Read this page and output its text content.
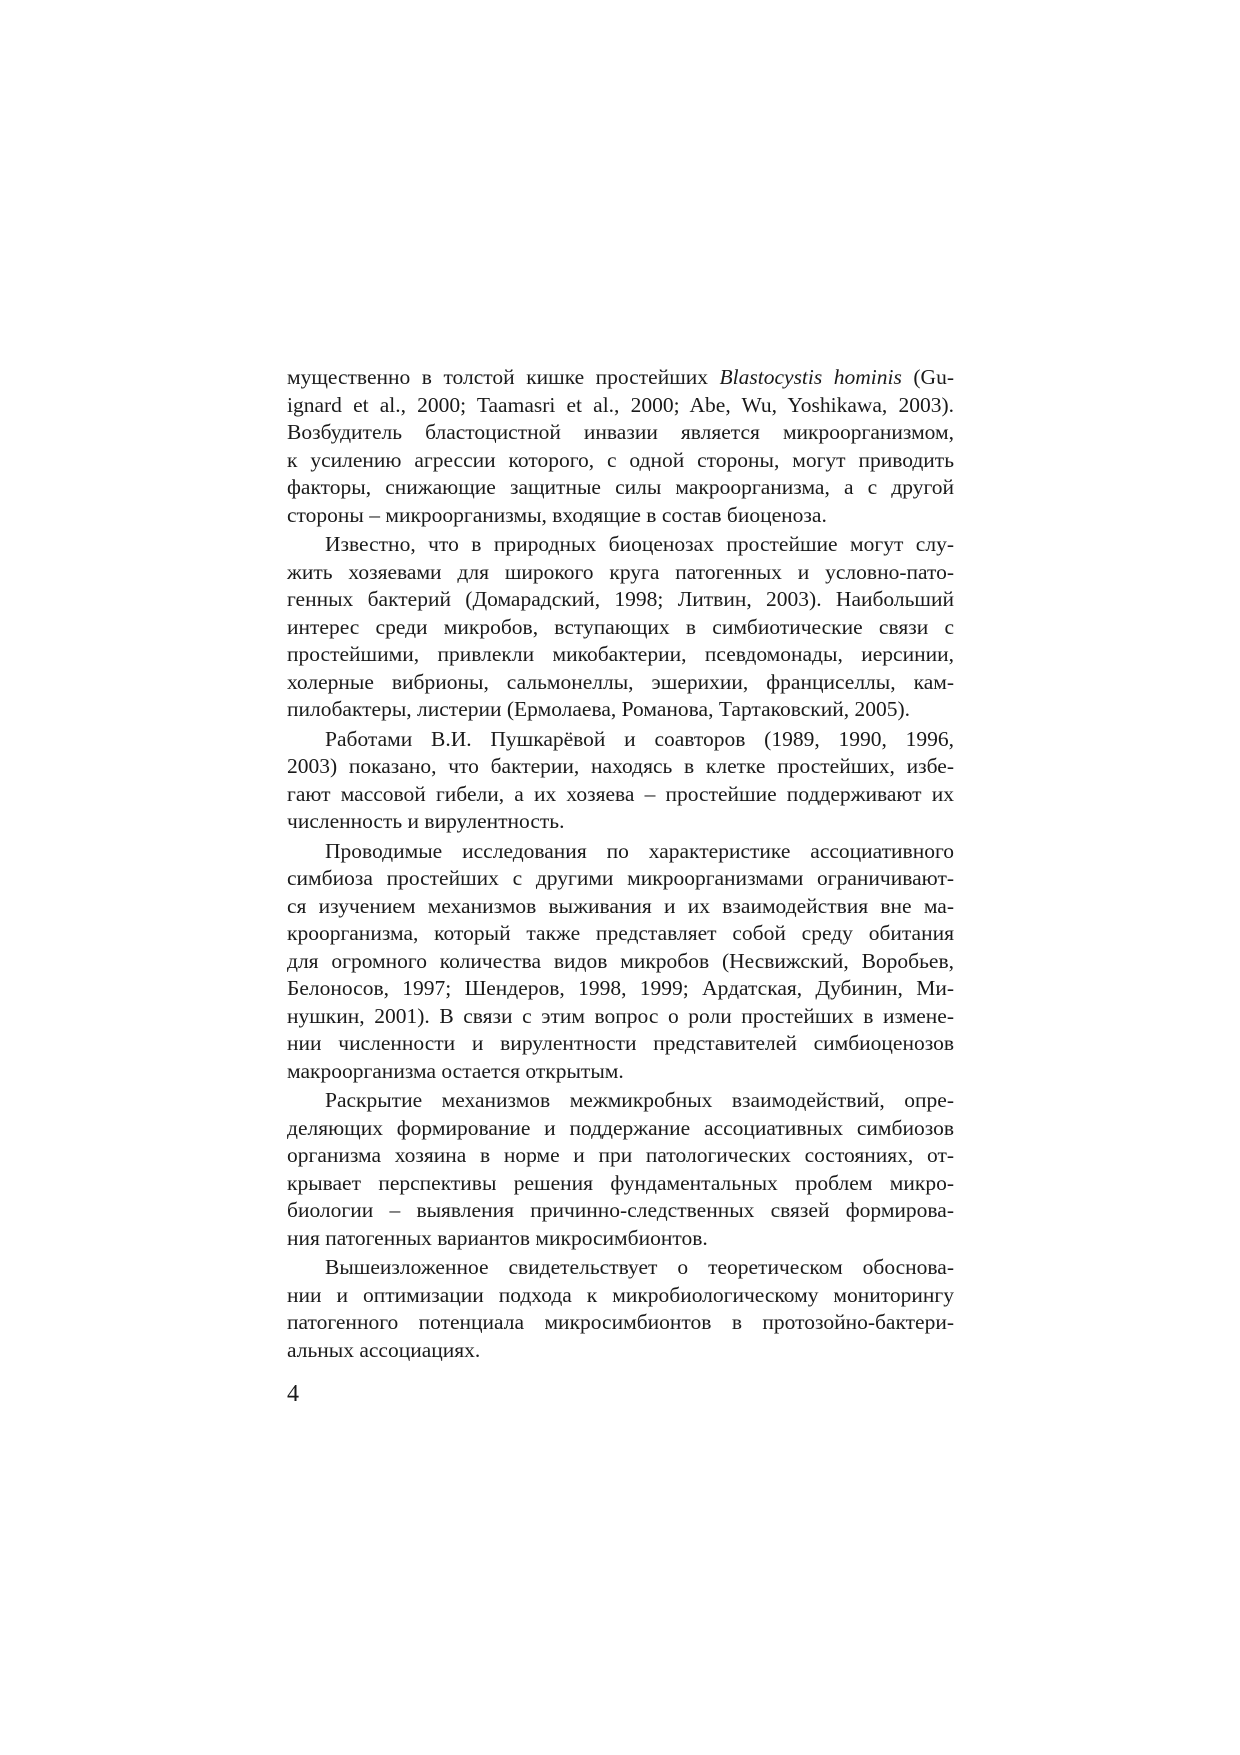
мущественно в толстой кишке простейших Blastocystis hominis (Gu-
ignard et al., 2000; Taamasri et al., 2000; Abe, Wu, Yoshikawa, 2003).
Возбудитель бластоцистной инвазии является микроорганизмом,
к усилению агрессии которого, с одной стороны, могут приводить
факторы, снижающие защитные силы макроорганизма, а с другой
стороны – микроорганизмы, входящие в состав биоценоза.
Известно, что в природных биоценозах простейшие могут слу-
жить хозяевами для широкого круга патогенных и условно-пато-
генных бактерий (Домарадский, 1998; Литвин, 2003). Наибольший
интерес среди микробов, вступающих в симбиотические связи с
простейшими, привлекли микобактерии, псевдомонады, иерсинии,
холерные вибрионы, сальмонеллы, эшерихии, франциселлы, кам-
пилобактеры, листерии (Ермолаева, Романова, Тартаковский, 2005).
Работами В.И. Пушкарёвой и соавторов (1989, 1990, 1996,
2003) показано, что бактерии, находясь в клетке простейших, избе-
гают массовой гибели, а их хозяева – простейшие поддерживают их
численность и вирулентность.
Проводимые исследования по характеристике ассоциативного
симбиоза простейших с другими микроорганизмами ограничивают-
ся изучением механизмов выживания и их взаимодействия вне ма-
кроорганизма, который также представляет собой среду обитания
для огромного количества видов микробов (Несвижский, Воробьев,
Белоносов, 1997; Шендеров, 1998, 1999; Ардатская, Дубинин, Ми-
нушкин, 2001). В связи с этим вопрос о роли простейших в измене-
нии численности и вирулентности представителей симбиоценозов
макроорганизма остается открытым.
Раскрытие механизмов межмикробных взаимодействий, опре-
деляющих формирование и поддержание ассоциативных симбиозов
организма хозяина в норме и при патологических состояниях, от-
крывает перспективы решения фундаментальных проблем микро-
биологии – выявления причинно-следственных связей формирова-
ния патогенных вариантов микросимбионтов.
Вышеизложенное свидетельствует о теоретическом обоснова-
нии и оптимизации подхода к микробиологическому мониторингу
патогенного потенциала микросимбионтов в протозойно-бактери-
альных ассоциациях.
4
